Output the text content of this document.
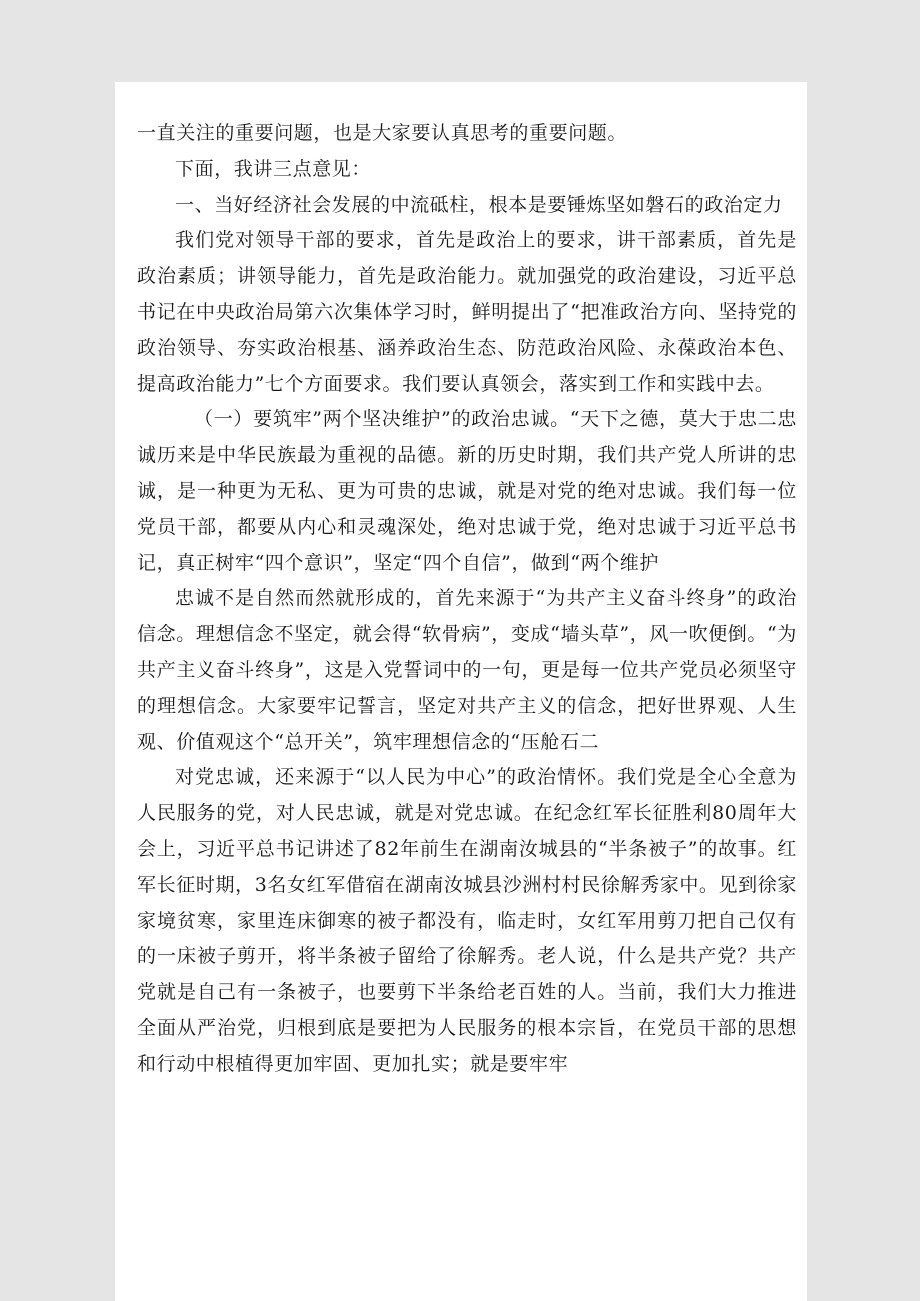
一直关注的重要问题，也是大家要认真思考的重要问题。

下面，我讲三点意见：

一、当好经济社会发展的中流砥柱，根本是要锤炼坚如磐石的政治定力

我们党对领导干部的要求，首先是政治上的要求，讲干部素质，首先是政治素质；讲领导能力，首先是政治能力。就加强党的政治建设，习近平总书记在中央政治局第六次集体学习时，鲜明提出了“把准政治方向、坚持党的政治领导、夯实政治根基、涵养政治生态、防范政治风险、永葆政治本色、提高政治能力”七个方面要求。我们要认真领会，落实到工作和实践中去。

（一）要筑牢”两个坚决维护”的政治忠诚。“天下之德，莫大于忠二忠诚历来是中华民族最为重视的品德。新的历史时期，我们共产党人所讲的忠诚，是一种更为无私、更为可贵的忠诚，就是对党的绝对忠诚。我们每一位党员干部，都要从内心和灵魂深处，绝对忠诚于党，绝对忠诚于习近平总书记，真正树牢“四个意识”，坚定“四个自信”，做到“两个维护

忠诚不是自然而然就形成的，首先来源于“为共产主义奋斗终身”的政治信念。理想信念不坚定，就会得“软骨病”，变成“墙头草”，风一吹便倒。“为共产主义奋斗终身”，这是入党誓词中的一句，更是每一位共产党员必须坚守的理想信念。大家要牢记誓言，坚定对共产主义的信念，把好世界观、人生观、价值观这个“总开关”，筑牢理想信念的“压舱石二

对党忠诚，还来源于“以人民为中心”的政治情怀。我们党是全心全意为人民服务的党，对人民忠诚，就是对党忠诚。在纪念红军长征胜利80周年大会上，习近平总书记讲述了82年前生在湖南汝城县的“半条被子”的故事。红军长征时期，3名女红军借宿在湖南汝城县沙洲村村民徐解秀家中。见到徐家家境贫寒，家里连床御寒的被子都没有，临走时，女红军用剪刀把自己仅有的一床被子剪开，将半条被子留给了徐解秀。老人说，什么是共产党？共产党就是自己有一条被子，也要剪下半条给老百姓的人。当前，我们大力推进全面从严治党，归根到底是要把为人民服务的根本宗旨，在党员干部的思想和行动中根植得更加牢固、更加扎实；就是要牢牢
